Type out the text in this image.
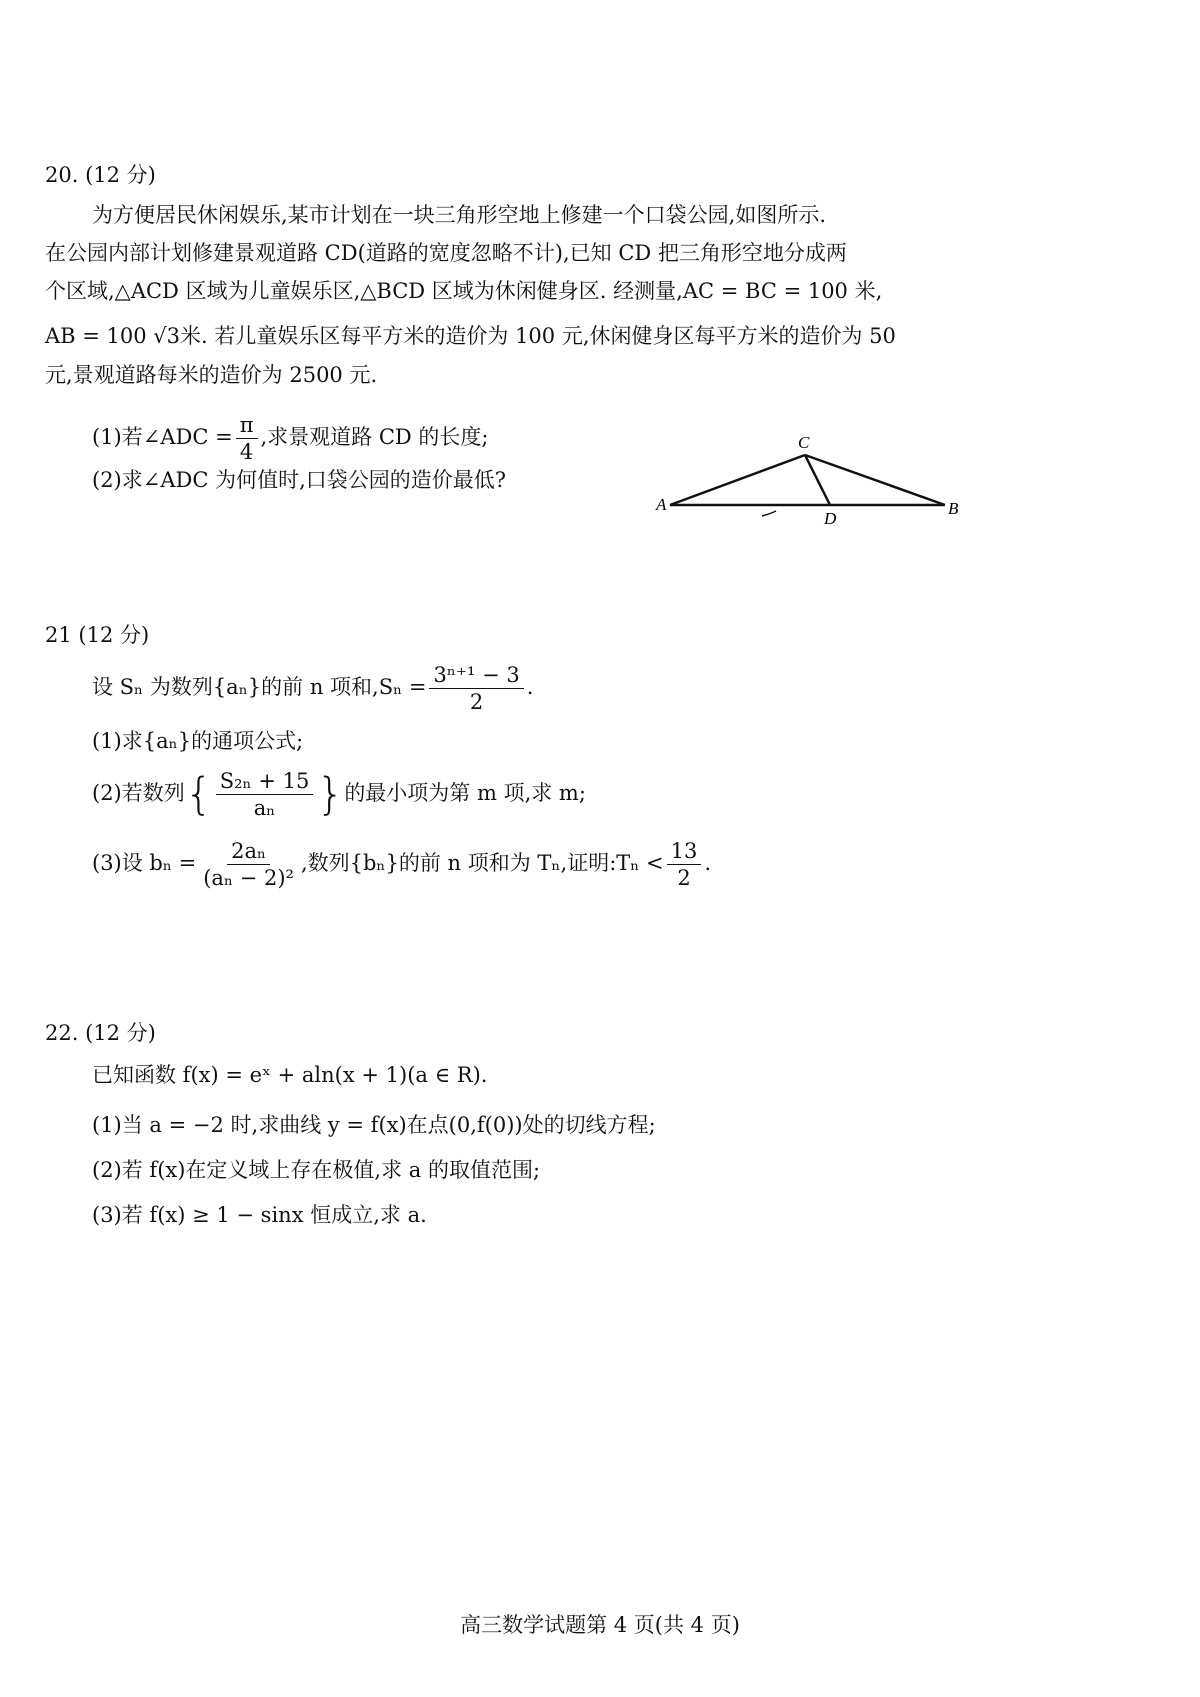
20. (12 分)
为方便居民休闲娱乐,某市计划在一块三角形空地上修建一个口袋公园,如图所示.
在公园内部计划修建景观道路 CD(道路的宽度忽略不计),已知 CD 把三角形空地分成两
个区域,△ACD 区域为儿童娱乐区,△BCD 区域为休闲健身区. 经测量,AC = BC = 100 米,
AB = 100 √3米. 若儿童娱乐区每平方米的造价为 100 元,休闲健身区每平方米的造价为 50
元,景观道路每米的造价为 2500 元.
(1)若∠ADC = $\frac{\pi}{4}$ ,求景观道路 CD 的长度;
(2)求∠ADC 为何值时,口袋公园的造价最低?
A	B
C
D
21 (12 分)
设 Sₙ 为数列{aₙ}的前 n 项和$,S_n = \frac{\text{3ⁿ⁺¹ − 3}}{2}$ .
(1)求{aₙ}的通项公式;
(2)若数列{ $\frac{\text{S₂ₙ + 15}}{\text{aₙ}}$ }的最小项为第 m 项,求 m;
(3)设 $b_n = \frac{\text{2aₙ}}{\text{(aₙ − 2)²}}$ ,数列{bₙ}的前 n 项和为 Tₙ,证明:Tₙ < $\frac{13}{2}$ .
22. (12 分)
已知函数 f(x) = eˣ + aln(x + 1)(a ∈ R).
(1)当 a = −2 时,求曲线 y = f(x)在点(0,f(0))处的切线方程;
(2)若 f(x)在定义域上存在极值,求 a 的取值范围;
(3)若 f(x) ≥ 1 − sinx 恒成立,求 a.
高三数学试题第 4 页(共 4 页)
